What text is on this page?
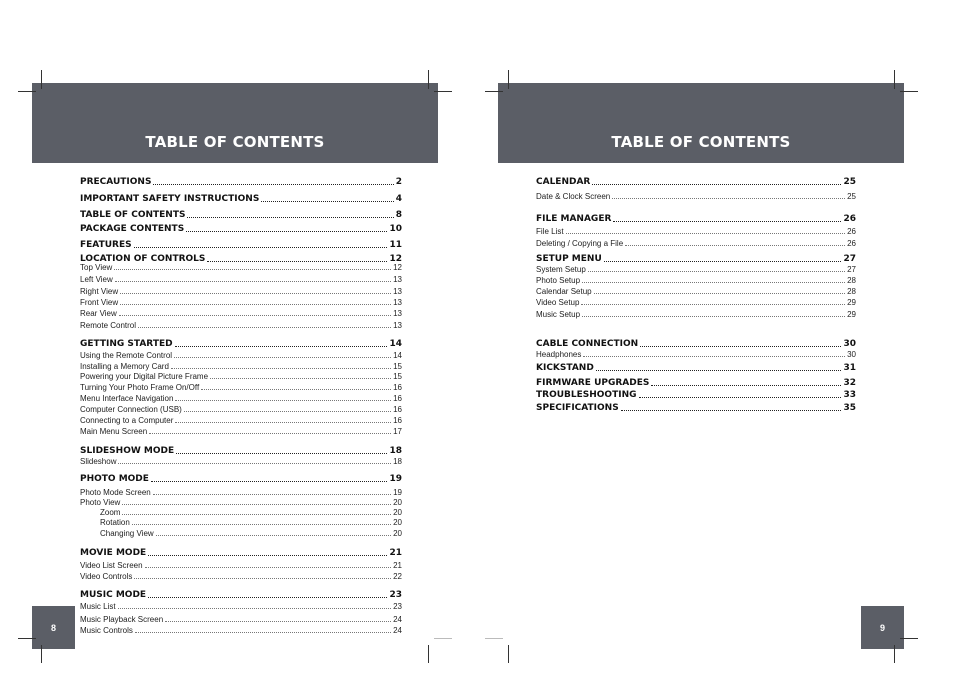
TABLE OF CONTENTS	TABLE OF CONTENTS
8	9
PRECAUTIONS	2
IMPORTANT SAFETY INSTRUCTIONS	4
TABLE OF CONTENTS	8
PACKAGE CONTENTS	10
FEATURES	11
LOCATION OF CONTROLS	12
Top View	12
Left View	13
Right View	13
Front View	13
Rear View	13
Remote Control	13
GETTING STARTED	14
Using the Remote Control	14
Installing a Memory Card	15
Powering your Digital Picture Frame	15
Turning Your Photo Frame On/Off	16
Menu Interface Navigation	16
Computer Connection (USB)	16
Connecting to a Computer	16
Main Menu Screen	17
SLIDESHOW MODE	18
Slideshow	18
PHOTO MODE	19
Photo Mode Screen	19
Photo View	20
Zoom	20
Rotation	20
Changing View	20
MOVIE MODE	21
Video List Screen	21
Video Controls	22
MUSIC MODE	23
Music List	23
Music Playback Screen	24
Music Controls	24
CALENDAR	25
Date & Clock Screen	25
FILE MANAGER	26
File List	26
Deleting / Copying a File	26
SETUP MENU	27
System Setup	27
Photo Setup	28
Calendar Setup	28
Video Setup	29
Music Setup	29
CABLE CONNECTION	30
Headphones	30
KICKSTAND	31
FIRMWARE UPGRADES	32
TROUBLESHOOTING	33
SPECIFICATIONS	35
